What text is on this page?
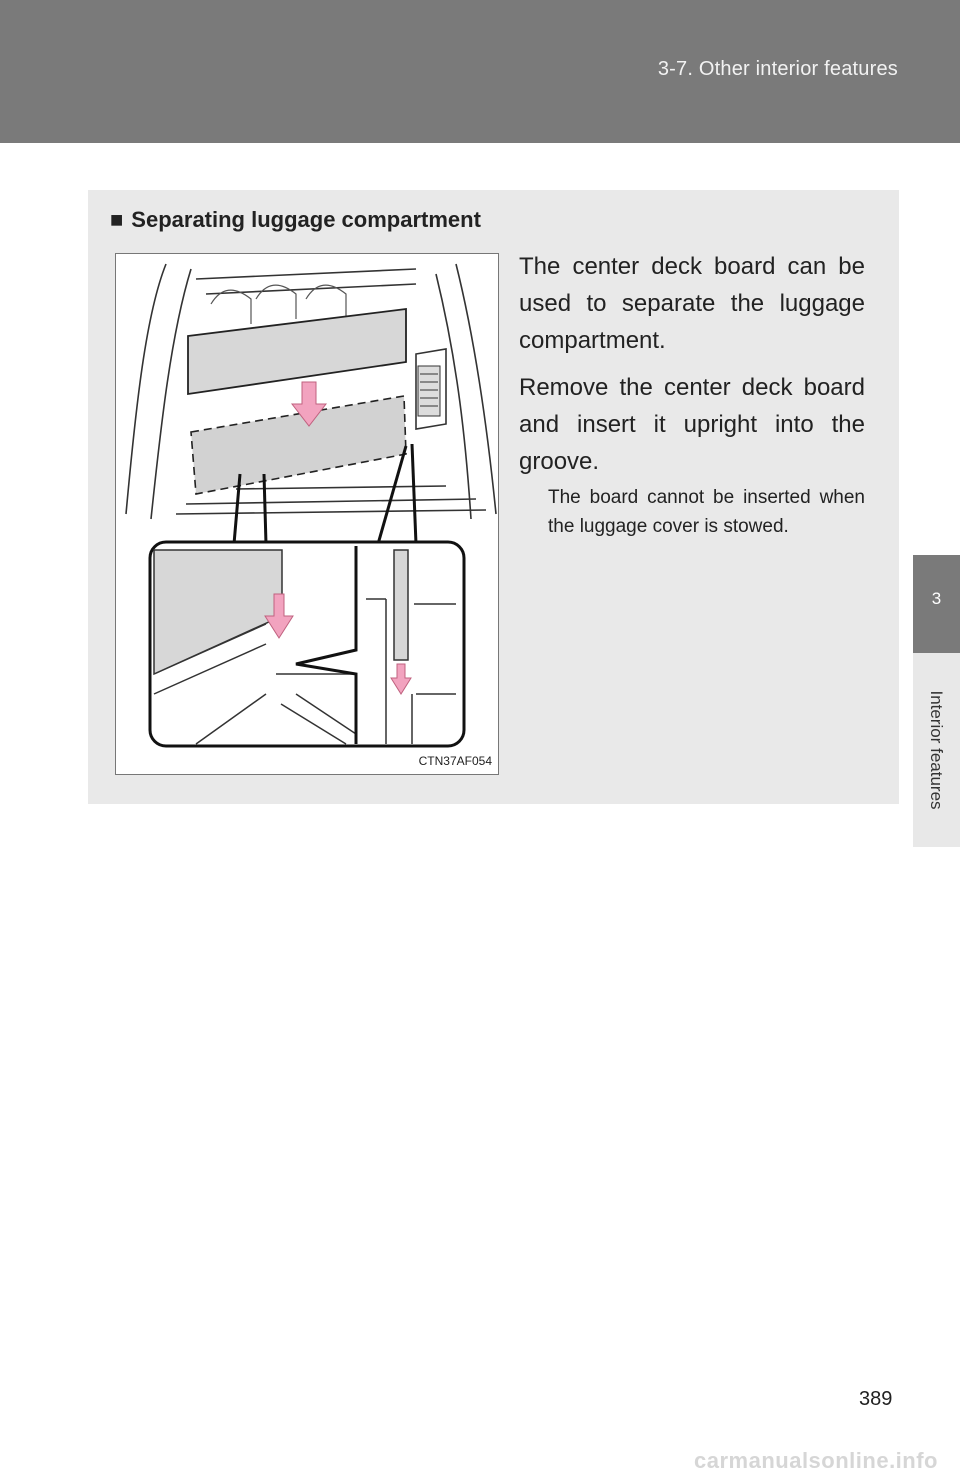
3-7. Other interior features
3
Interior features
■ Separating luggage compartment
CTN37AF054

The center deck board can be used to separate the luggage compartment.

Remove the center deck board and insert it upright into the groove.

The board cannot be inserted when the luggage cover is stowed.
389
carmanualsonline.info
